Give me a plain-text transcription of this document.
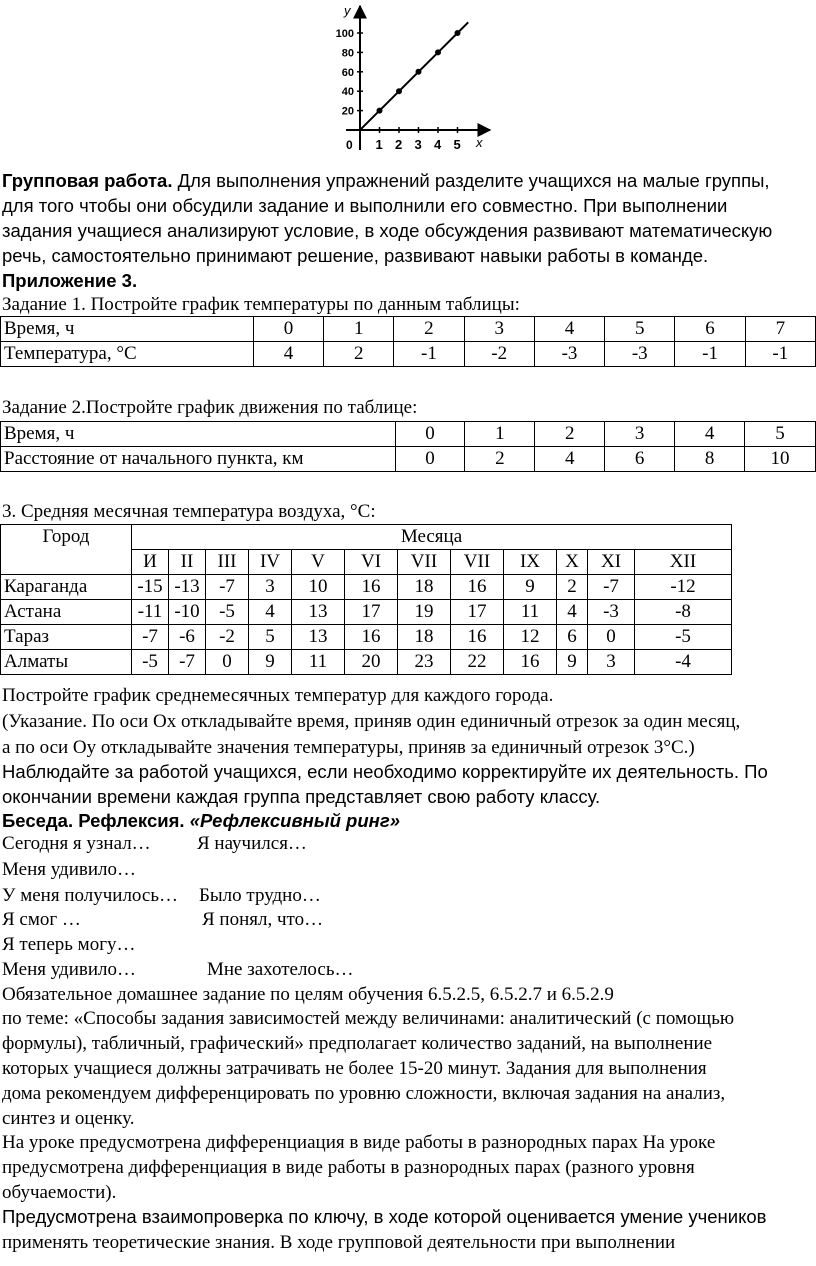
y
x
0 1 2 3 4 5
100
80
60
40
20
Групповая работа. Для выполнения упражнений разделите учащихся на малые группы,
для того чтобы они обсудили задание и выполнили его совместно. При выполнении
задания учащиеся анализируют условие, в ходе обсуждения развивают математическую
речь, самостоятельно принимают решение, развивают навыки работы в команде.
Приложение 3.
Задание 1. Постройте график температуры по данным таблицы:
Время, ч	0	1	2	3	4	5	6	7
Температура, °С	4	2	-1	-2	-3	-3	-1	-1
Задание 2.Постройте график движения по таблице:
Время, ч	0	1	2	3	4	5
Расстояние от начального пункта, км	0	2	4	6	8	10
3. Средняя месячная температура воздуха, °С:
Город	Месяца											
	И	II	III	IV	V	VI	VII	VII	IX	X	XI	XII
Караганда	-15	-13	-7	3	10	16	18	16	9	2	-7	-12
Астана	-11	-10	-5	4	13	17	19	17	11	4	-3	-8
Тараз	-7	-6	-2	5	13	16	18	16	12	6	0	-5
Алматы	-5	-7	0	9	11	20	23	22	16	9	3	-4
Постройте график среднемесячных температур для каждого города.
(Указание. По оси Ох откладывайте время, приняв один единичный отрезок за один месяц,
а по оси Оу откладывайте значения температуры, приняв за единичный отрезок 3°С.)
Наблюдайте за работой учащихся, если необходимо корректируйте их деятельность. По
окончании времени каждая группа представляет свою работу классу.
Беседа. Рефлексия. «Рефлексивный ринг»
Сегодня я узнал… Я научился…
Меня удивило…
У меня получилось… Было трудно…
Я смог …	Я понял, что…
Я теперь могу…
Меня удивило…	Мне захотелось…
Обязательное домашнее задание по целям обучения 6.5.2.5, 6.5.2.7 и 6.5.2.9
по теме: «Способы задания зависимостей между величинами: аналитический (с помощью
формулы), табличный, графический» предполагает количество заданий, на выполнение
которых учащиеся должны затрачивать не более 15-20 минут. Задания для выполнения
дома рекомендуем дифференцировать по уровню сложности, включая задания на анализ,
синтез и оценку.
На уроке предусмотрена дифференциация в виде работы в разнородных парах На уроке
предусмотрена дифференциация в виде работы в разнородных парах (разного уровня
обучаемости).
Предусмотрена взаимопроверка по ключу, в ходе которой оценивается умение учеников
применять теоретические знания. В ходе групповой деятельности при выполнении
